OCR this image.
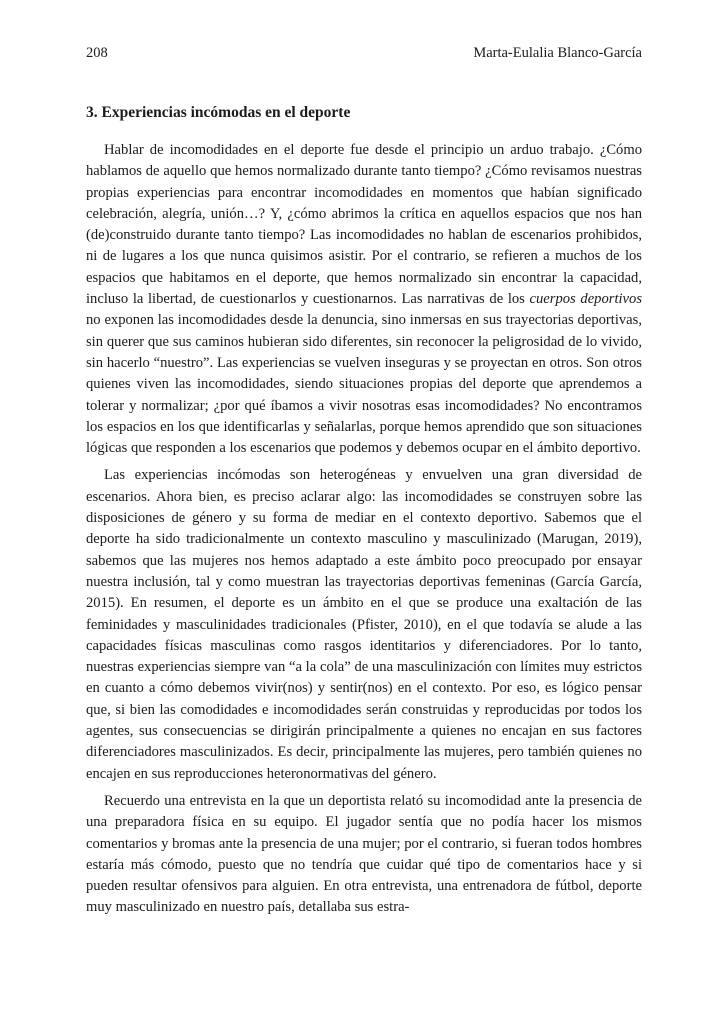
208	Marta-Eulalia Blanco-García
3. Experiencias incómodas en el deporte

Hablar de incomodidades en el deporte fue desde el principio un arduo trabajo. ¿Cómo hablamos de aquello que hemos normalizado durante tanto tiempo? ¿Cómo revisamos nuestras propias experiencias para encontrar incomodidades en momentos que habían significado celebración, alegría, unión…? Y, ¿cómo abrimos la crítica en aquellos espacios que nos han (de)construido durante tanto tiempo? Las incomodidades no hablan de escenarios prohibidos, ni de lugares a los que nunca quisimos asistir. Por el contrario, se refieren a muchos de los espacios que habitamos en el deporte, que hemos normalizado sin encontrar la capacidad, incluso la libertad, de cuestionarlos y cuestionarnos. Las narrativas de los cuerpos deportivos no exponen las incomodidades desde la denuncia, sino inmersas en sus trayectorias deportivas, sin querer que sus caminos hubieran sido diferentes, sin reconocer la peligrosidad de lo vivido, sin hacerlo “nuestro”. Las experiencias se vuelven inseguras y se proyectan en otros. Son otros quienes viven las incomodidades, siendo situaciones propias del deporte que aprendemos a tolerar y normalizar; ¿por qué íbamos a vivir nosotras esas incomodidades? No encontramos los espacios en los que identificarlas y señalarlas, porque hemos aprendido que son situaciones lógicas que responden a los escenarios que podemos y debemos ocupar en el ámbito deportivo.

Las experiencias incómodas son heterogéneas y envuelven una gran diversidad de escenarios. Ahora bien, es preciso aclarar algo: las incomodidades se construyen sobre las disposiciones de género y su forma de mediar en el contexto deportivo. Sabemos que el deporte ha sido tradicionalmente un contexto masculino y masculinizado (Marugan, 2019), sabemos que las mujeres nos hemos adaptado a este ámbito poco preocupado por ensayar nuestra inclusión, tal y como muestran las trayectorias deportivas femeninas (García García, 2015). En resumen, el deporte es un ámbito en el que se produce una exaltación de las feminidades y masculinidades tradicionales (Pfister, 2010), en el que todavía se alude a las capacidades físicas masculinas como rasgos identitarios y diferenciadores. Por lo tanto, nuestras experiencias siempre van “a la cola” de una masculinización con límites muy estrictos en cuanto a cómo debemos vivir(nos) y sentir(nos) en el contexto. Por eso, es lógico pensar que, si bien las comodidades e incomodidades serán construidas y reproducidas por todos los agentes, sus consecuencias se dirigirán principalmente a quienes no encajan en sus factores diferenciadores masculinizados. Es decir, principalmente las mujeres, pero también quienes no encajen en sus reproducciones heteronormativas del género.

Recuerdo una entrevista en la que un deportista relató su incomodidad ante la presencia de una preparadora física en su equipo. El jugador sentía que no podía hacer los mismos comentarios y bromas ante la presencia de una mujer; por el contrario, si fueran todos hombres estaría más cómodo, puesto que no tendría que cuidar qué tipo de comentarios hace y si pueden resultar ofensivos para alguien. En otra entrevista, una entrenadora de fútbol, deporte muy masculinizado en nuestro país, detallaba sus estra-
